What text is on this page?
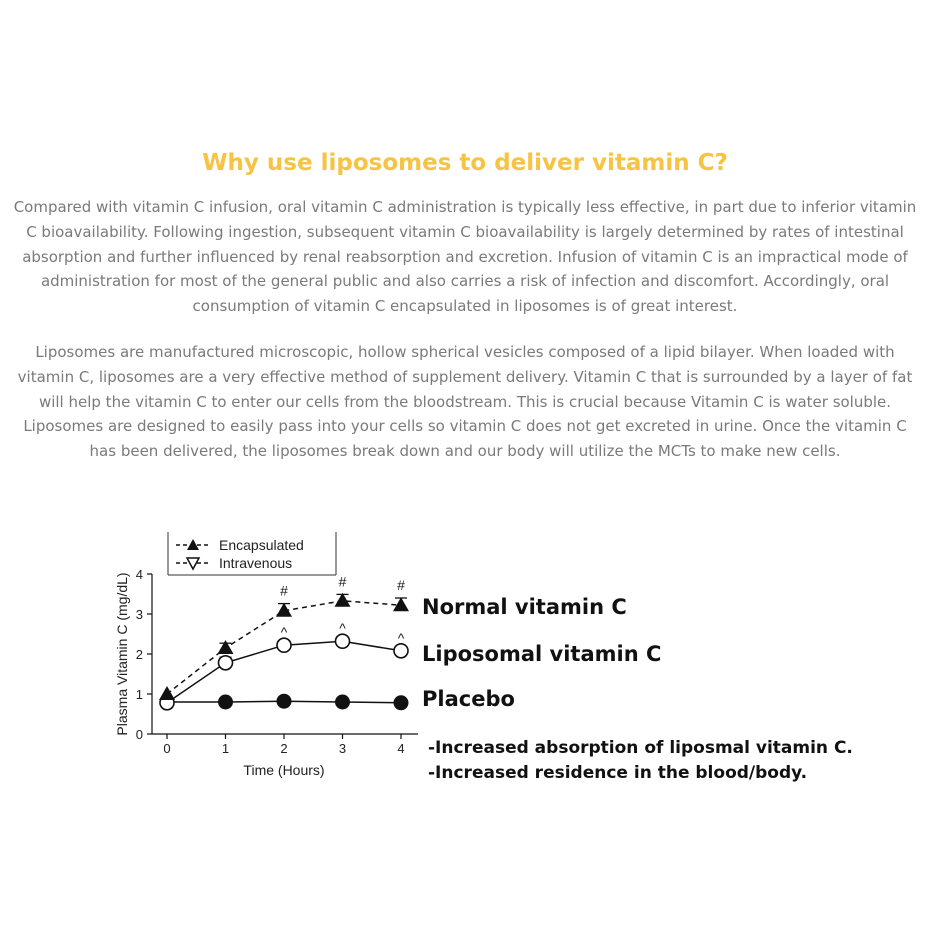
Why use liposomes to deliver vitamin C?

Compared with vitamin C infusion, oral vitamin C administration is typically less effective, in part due to inferior vitamin C bioavailability. Following ingestion, subsequent vitamin C bioavailability is largely determined by rates of intestinal absorption and further influenced by renal reabsorption and excretion. Infusion of vitamin C is an impractical mode of administration for most of the general public and also carries a risk of infection and discomfort. Accordingly, oral consumption of vitamin C encapsulated in liposomes is of great interest.

Liposomes are manufactured microscopic, hollow spherical vesicles composed of a lipid bilayer. When loaded with vitamin C, liposomes are a very effective method of supplement delivery. Vitamin C that is surrounded by a layer of fat will help the vitamin C to enter our cells from the bloodstream. This is crucial because Vitamin C is water soluble. Liposomes are designed to easily pass into your cells so vitamin C does not get excreted in urine. Once the vitamin C has been delivered, the liposomes break down and our body will utilize the MCTs to make new cells.

Encapsulated
Intravenous
0
1
2
3
4
0	1	2	3	4
Plasma Vitamin C (mg/dL)
Time (Hours)
^	^
^
#
#	#
Normal vitamin C
Liposomal vitamin C
Placebo
-Increased absorption of liposmal vitamin C.
-Increased residence in the blood/body.
